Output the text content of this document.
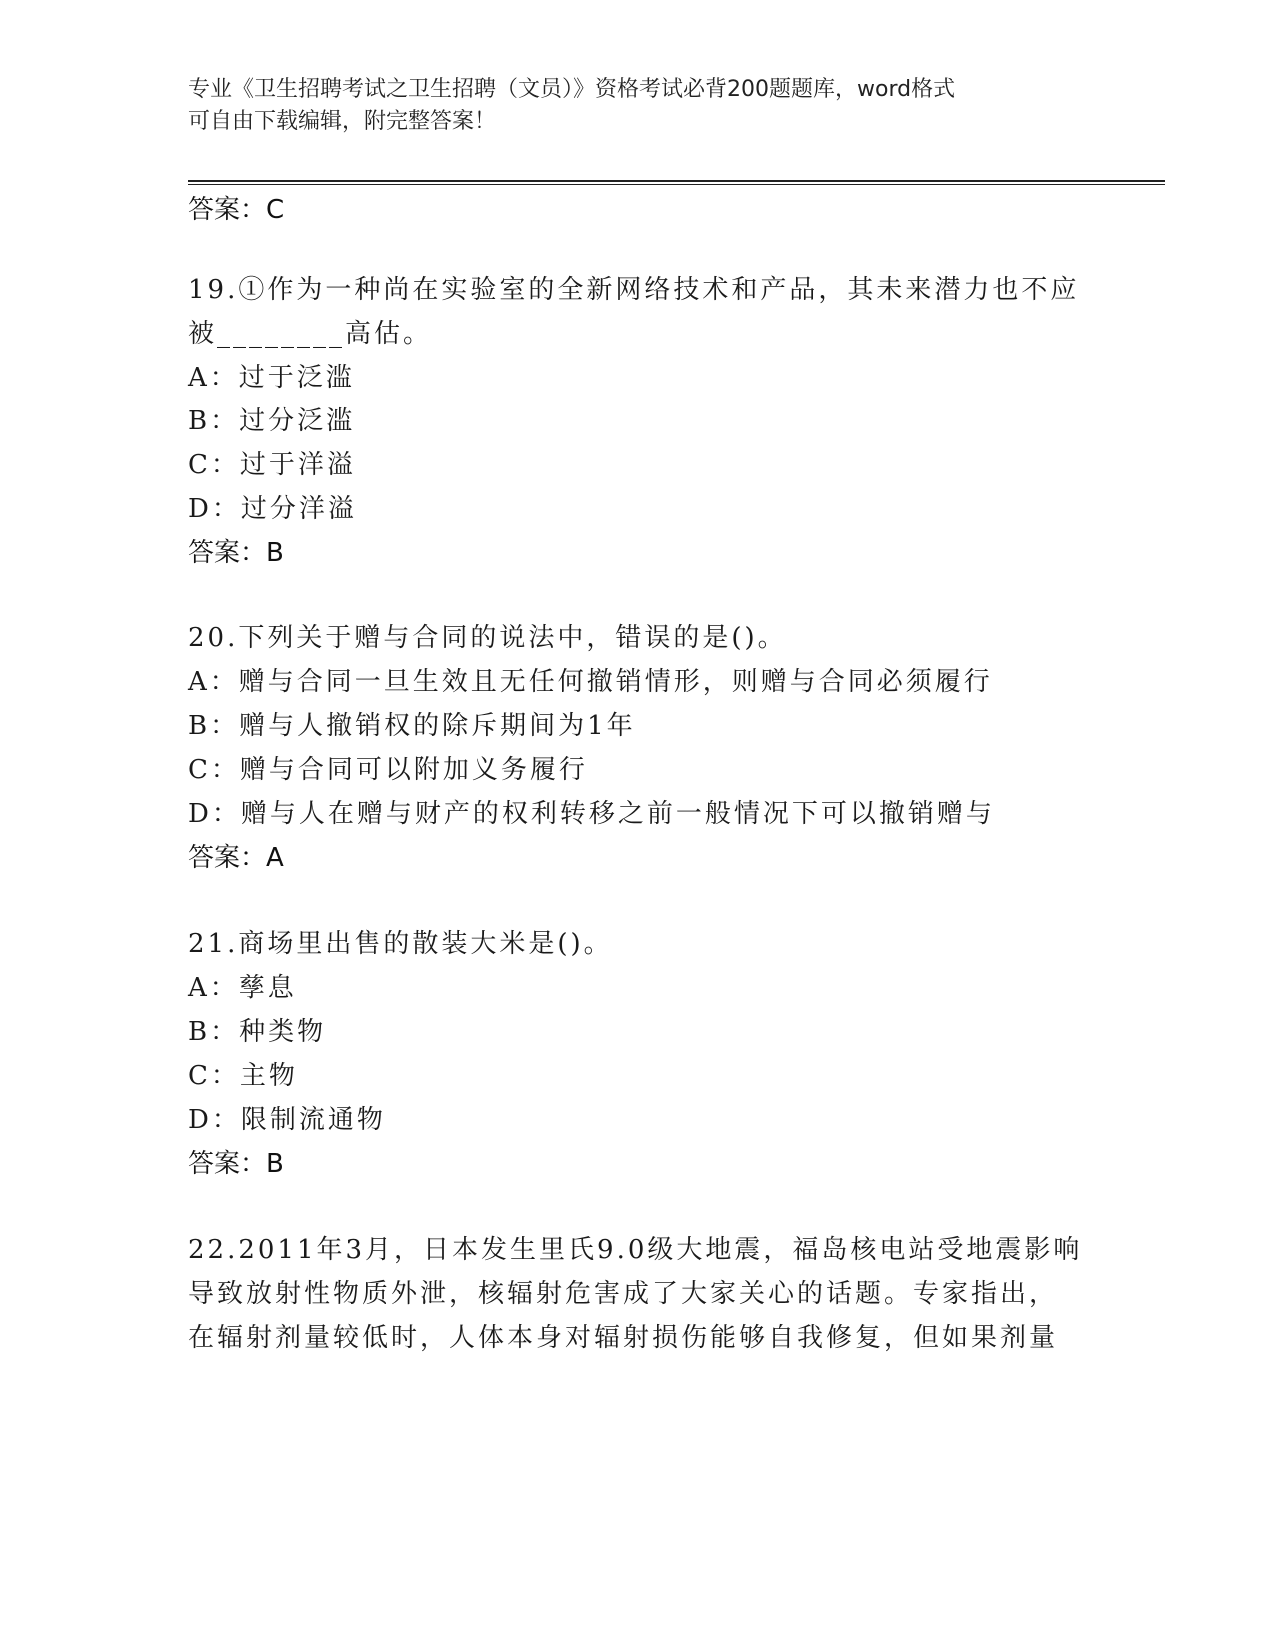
专业《卫生招聘考试之卫生招聘（文员）》资格考试必背200题题库，word格式
可自由下载编辑，附完整答案！
答案：C
19.①作为一种尚在实验室的全新网络技术和产品，其未来潜力也不应
被________高估。
A：过于泛滥
B：过分泛滥
C：过于洋溢
D：过分洋溢
答案：B
20.下列关于赠与合同的说法中，错误的是()。
A：赠与合同一旦生效且无任何撤销情形，则赠与合同必须履行
B：赠与人撤销权的除斥期间为1年
C：赠与合同可以附加义务履行
D：赠与人在赠与财产的权利转移之前一般情况下可以撤销赠与
答案：A
21.商场里出售的散装大米是()。
A：孳息
B：种类物
C：主物
D：限制流通物
答案：B
22.2011年3月，日本发生里氏9.0级大地震，福岛核电站受地震影响
导致放射性物质外泄，核辐射危害成了大家关心的话题。专家指出，
在辐射剂量较低时，人体本身对辐射损伤能够自我修复，但如果剂量
